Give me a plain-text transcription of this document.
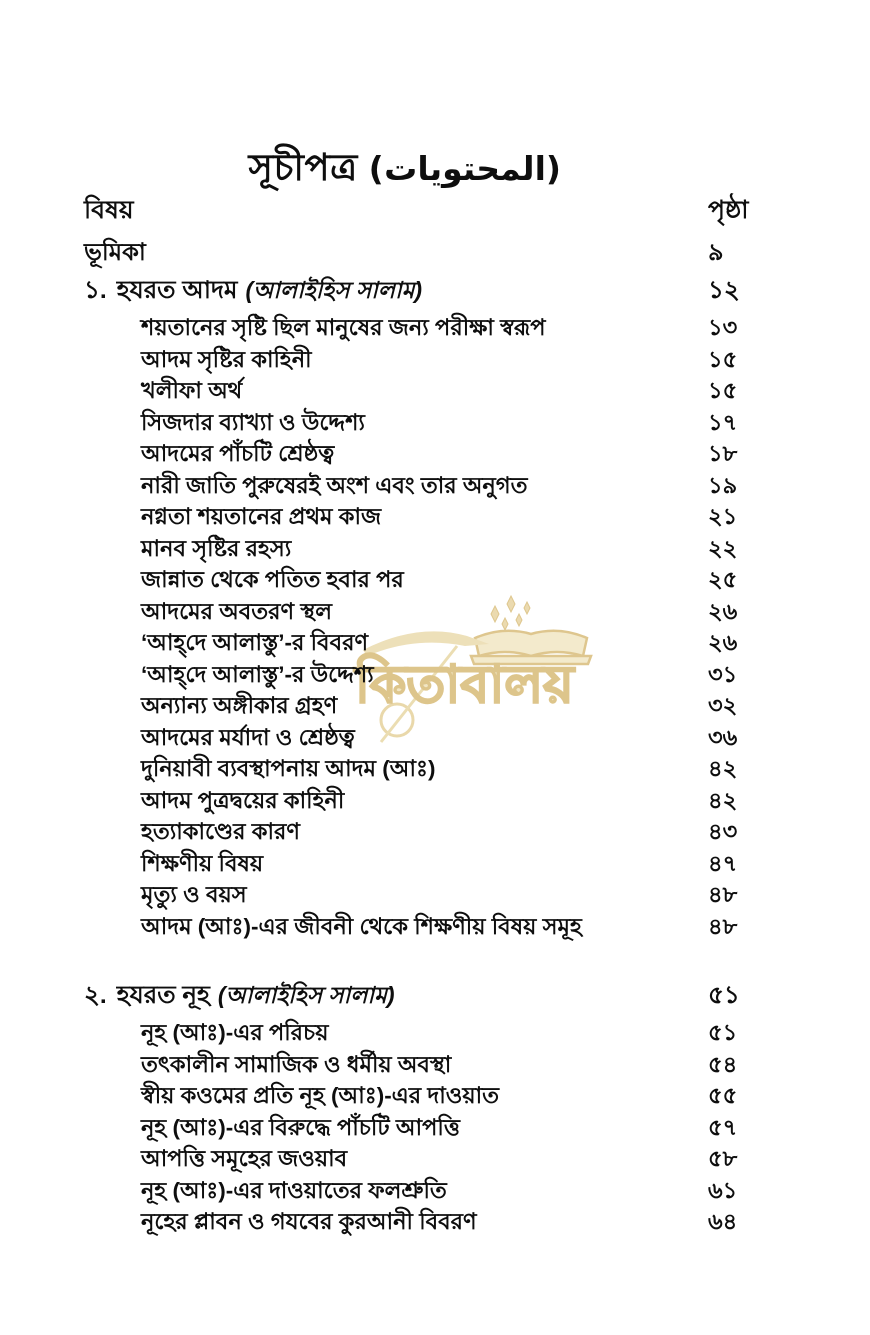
কিতাবালয়
সূচীপত্র (المحتويات)
বিষয়	পৃষ্ঠা
ভূমিকা	৯
১. হযরত আদম (আলাইহিস সালাম)	১২
শয়তানের সৃষ্টি ছিল মানুষের জন্য পরীক্ষা স্বরূপ	১৩
আদম সৃষ্টির কাহিনী	১৫
খলীফা অর্থ	১৫
সিজদার ব্যাখ্যা ও উদ্দেশ্য	১৭
আদমের পাঁচটি শ্রেষ্ঠত্ব	১৮
নারী জাতি পুরুষেরই অংশ এবং তার অনুগত	১৯
নগ্নতা শয়তানের প্রথম কাজ	২১
মানব সৃষ্টির রহস্য	২২
জান্নাত থেকে পতিত হবার পর	২৫
আদমের অবতরণ স্থল	২৬
‘আহ্‌দে আলাস্তু’-র বিবরণ	২৬
‘আহ্‌দে আলাস্তু’-র উদ্দেশ্য	৩১
অন্যান্য অঙ্গীকার গ্রহণ	৩২
আদমের মর্যাদা ও শ্রেষ্ঠত্ব	৩৬
দুনিয়াবী ব্যবস্থাপনায় আদম (আঃ)	৪২
আদম পুত্রদ্বয়ের কাহিনী	৪২
হত্যাকাণ্ডের কারণ	৪৩
শিক্ষণীয় বিষয়	৪৭
মৃত্যু ও বয়স	৪৮
আদম (আঃ)-এর জীবনী থেকে শিক্ষণীয় বিষয় সমূহ	৪৮
২. হযরত নূহ (আলাইহিস সালাম)	৫১
নূহ (আঃ)-এর পরিচয়	৫১
তৎকালীন সামাজিক ও ধর্মীয় অবস্থা	৫৪
স্বীয় কওমের প্রতি নূহ (আঃ)-এর দাওয়াত	৫৫
নূহ (আঃ)-এর বিরুদ্ধে পাঁচটি আপত্তি	৫৭
আপত্তি সমূহের জওয়াব	৫৮
নূহ (আঃ)-এর দাওয়াতের ফলশ্রুতি	৬১
নূহের প্লাবন ও গযবের কুরআনী বিবরণ	৬৪
